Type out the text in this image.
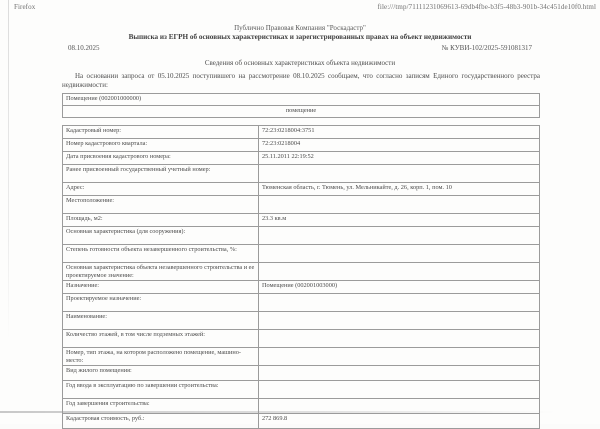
Firefox	file:///tmp/71111231069613-69db4fbe-b3f5-48b3-901b-34c451de10f0.html
Публично Правовая Компания "Роскадастр"
Выписка из ЕГРН об основных характеристиках и зарегистрированных правах на объект недвижимости
08.10.2025	№ КУВИ-102/2025-591081317
Сведения об основных характеристиках объекта недвижимости
На основании запроса от 05.10.2025 поступившего на рассмотрение 08.10.2025 сообщаем, что согласно записям Единого государственного реестра недвижимости:
Помещение (002001000000)
помещение
Кадастровый номер:	72:23:0218004:3751
Номер кадастрового квартала:	72:23:0218004
Дата присвоения кадастрового номера:	25.11.2011 22:19:52
Ранее присвоенный государственный учетный номер:	
Адрес:	Тюменская область, г. Тюмень, ул. Мельникайте, д. 26, корп. 1, пом. 10
Местоположение:	
Площадь, м2:	23.3 кв.м
Основная характеристика (для сооружения):	
Степень готовности объекта незавершенного строительства, %:	
Основная характеристика объекта незавершенного строительства и ее проектируемое значение:	
Назначение:	Помещение (002001003000)
Проектируемое назначение:	
Наименование:	
Количество этажей, в том числе подземных этажей:	
Номер, тип этажа, на котором расположено помещение, машино-место:	
Вид жилого помещения:	
Год ввода в эксплуатацию по завершении строительства:	
Год завершения строительства:	
Кадастровая стоимость, руб.:	272 869.8
